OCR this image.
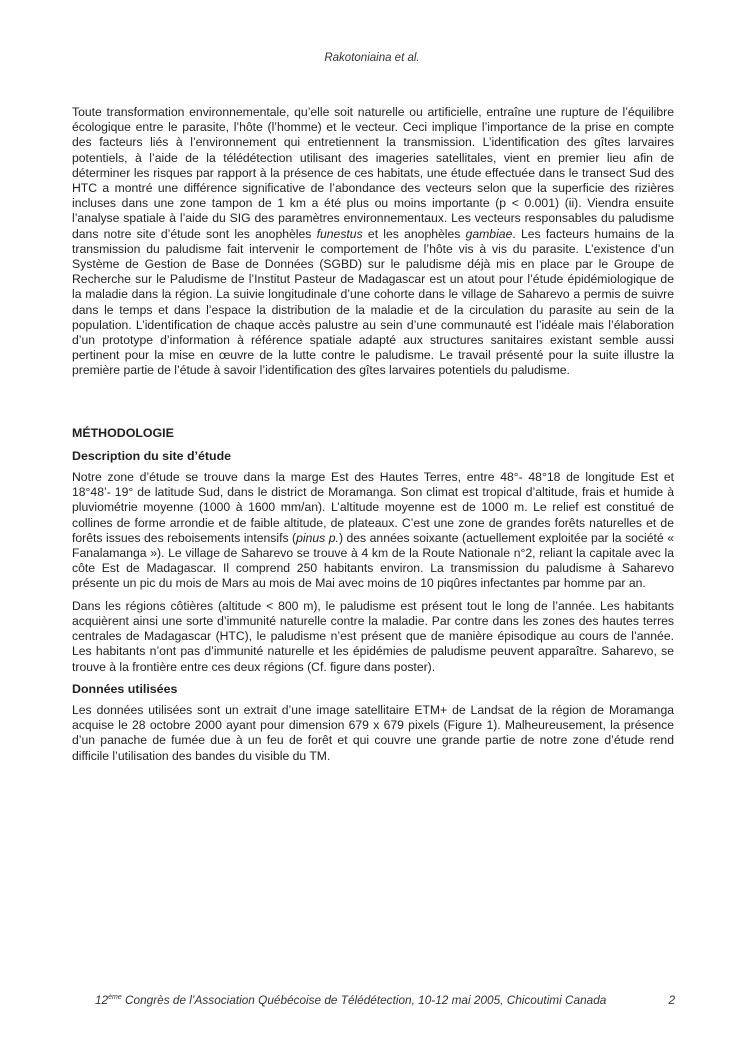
Rakotoniaina et al.

Toute transformation environnementale, qu’elle soit naturelle ou artificielle, entraîne une rupture de l’équilibre écologique entre le parasite, l’hôte (l’homme) et le vecteur. Ceci implique l’importance de la prise en compte des facteurs liés à l’environnement qui entretiennent la transmission. L’identification des gîtes larvaires potentiels, à l’aide de la télédétection utilisant des imageries satellitales, vient en premier lieu afin de déterminer les risques par rapport à la présence de ces habitats, une étude effectuée dans le transect Sud des HTC a montré une différence significative de l’abondance des vecteurs selon que la superficie des rizières incluses dans une zone tampon de 1 km a été plus ou moins importante (p < 0.001) (ii). Viendra ensuite l’analyse spatiale à l’aide du SIG des paramètres environnementaux. Les vecteurs responsables du paludisme dans notre site d’étude sont les anophèles funestus et les anophèles gambiae. Les facteurs humains de la transmission du paludisme fait intervenir le comportement de l’hôte vis à vis du parasite. L’existence d’un Système de Gestion de Base de Données (SGBD) sur le paludisme déjà mis en place par le Groupe de Recherche sur le Paludisme de l’Institut Pasteur de Madagascar est un atout pour l’étude épidémiologique de la maladie dans la région. La suivie longitudinale d’une cohorte dans le village de Saharevo a permis de suivre dans le temps et dans l’espace la distribution de la maladie et de la circulation du parasite au sein de la population. L’identification de chaque accès palustre au sein d’une communauté est l’idéale mais l’élaboration d’un prototype d’information à référence spatiale adapté aux structures sanitaires existant semble aussi pertinent pour la mise en œuvre de la lutte contre le paludisme. Le travail présenté pour la suite illustre la première partie de l’étude à savoir l’identification des gîtes larvaires potentiels du paludisme.

MÉTHODOLOGIE
Description du site d’étude

Notre zone d’étude se trouve dans la marge Est des Hautes Terres, entre 48°- 48°18 de longitude Est et 18°48’- 19° de latitude Sud, dans le district de Moramanga. Son climat est tropical d’altitude, frais et humide à pluviométrie moyenne (1000 à 1600 mm/an). L’altitude moyenne est de 1000 m. Le relief est constitué de collines de forme arrondie et de faible altitude, de plateaux. C’est une zone de grandes forêts naturelles et de forêts issues des reboisements intensifs (pinus p.) des années soixante (actuellement exploitée par la société « Fanalamanga »). Le village de Saharevo se trouve à 4 km de la Route Nationale n°2, reliant la capitale avec la côte Est de Madagascar. Il comprend 250 habitants environ. La transmission du paludisme à Saharevo présente un pic du mois de Mars au mois de Mai avec moins de 10 piqûres infectantes par homme par an.

Dans les régions côtières (altitude < 800 m), le paludisme est présent tout le long de l’année. Les habitants acquièrent ainsi une sorte d’immunité naturelle contre la maladie. Par contre dans les zones des hautes terres centrales de Madagascar (HTC), le paludisme n’est présent que de manière épisodique au cours de l’année. Les habitants n’ont pas d’immunité naturelle et les épidémies de paludisme peuvent apparaître. Saharevo, se trouve à la frontière entre ces deux régions (Cf. figure dans poster).

Données utilisées

Les données utilisées sont un extrait d’une image satellitaire ETM+ de Landsat de la région de Moramanga acquise le 28 octobre 2000 ayant pour dimension 679 x 679 pixels (Figure 1). Malheureusement, la présence d’un panache de fumée due à un feu de forêt et qui couvre une grande partie de notre zone d’étude rend difficile l’utilisation des bandes du visible du TM.

12ème Congrès de l’Association Québécoise de Télédétection, 10-12 mai 2005, Chicoutimi Canada	2
